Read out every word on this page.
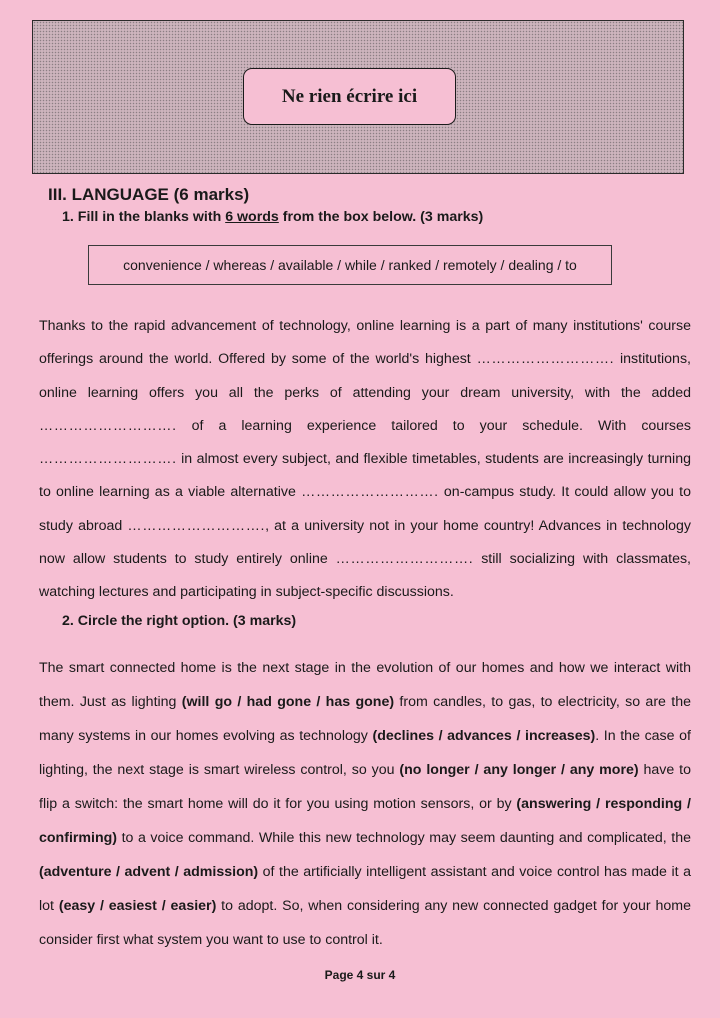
Ne rien écrire ici
III. LANGUAGE (6 marks)
1. Fill in the blanks with 6 words from the box below. (3 marks)
convenience / whereas / available / while / ranked / remotely / dealing / to
Thanks to the rapid advancement of technology, online learning is a part of many institutions' course offerings around the world. Offered by some of the world's highest ………………………. institutions, online learning offers you all the perks of attending your dream university, with the added ………………………. of a learning experience tailored to your schedule. With courses ………………………. in almost every subject, and flexible timetables, students are increasingly turning to online learning as a viable alternative ………………………. on-campus study. It could allow you to study abroad ………………………., at a university not in your home country! Advances in technology now allow students to study entirely online ………………………. still socializing with classmates, watching lectures and participating in subject-specific discussions.
2. Circle the right option. (3 marks)
The smart connected home is the next stage in the evolution of our homes and how we interact with them. Just as lighting (will go / had gone / has gone) from candles, to gas, to electricity, so are the many systems in our homes evolving as technology (declines / advances / increases). In the case of lighting, the next stage is smart wireless control, so you (no longer / any longer / any more) have to flip a switch: the smart home will do it for you using motion sensors, or by (answering / responding / confirming) to a voice command. While this new technology may seem daunting and complicated, the (adventure / advent / admission) of the artificially intelligent assistant and voice control has made it a lot (easy / easiest / easier) to adopt. So, when considering any new connected gadget for your home consider first what system you want to use to control it.
Page 4 sur 4
